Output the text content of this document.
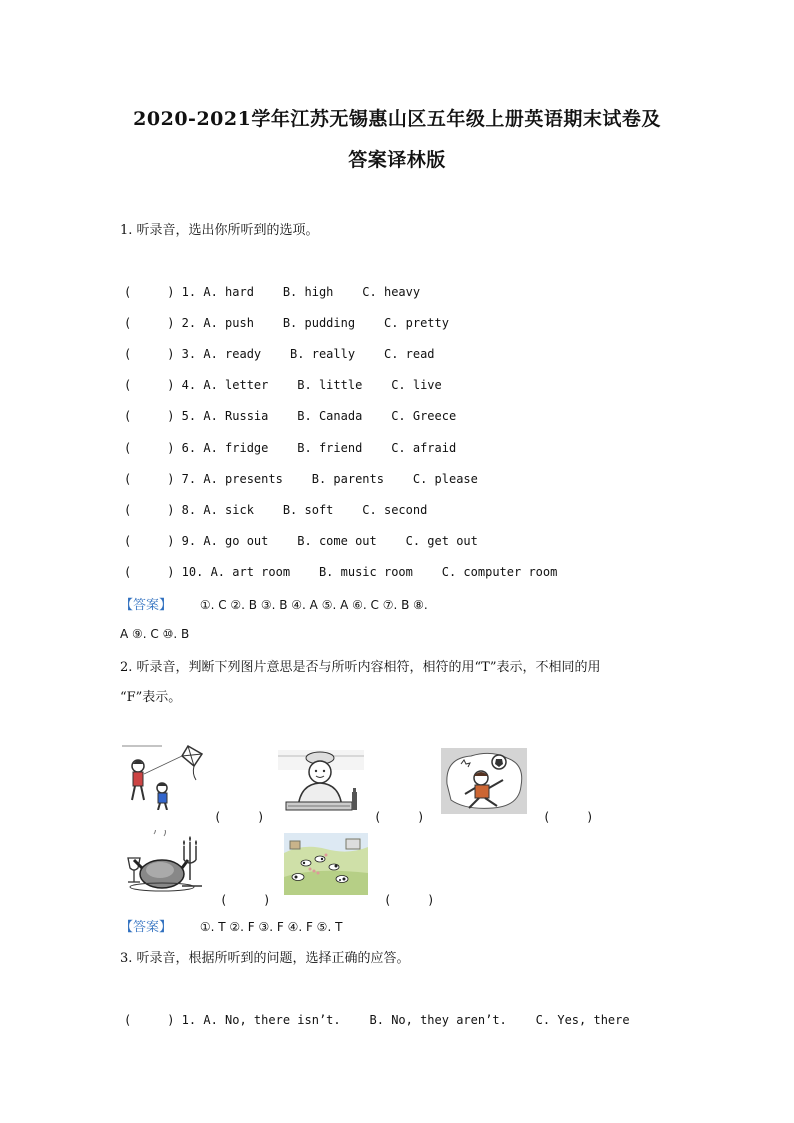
2020-2021学年江苏无锡惠山区五年级上册英语期末试卷及
答案译林版
1. 听录音，选出你所听到的选项。
(　　　) 1. A. hard    B. high    C. heavy
(　　　) 2. A. push    B. pudding    C. pretty
(　　　) 3. A. ready    B. really    C. read
(　　　) 4. A. letter    B. little    C. live
(　　　) 5. A. Russia    B. Canada    C. Greece
(　　　) 6. A. fridge    B. friend    C. afraid
(　　　) 7. A. presents    B. parents    C. please
(　　　) 8. A. sick    B. soft    C. second
(　　　) 9. A. go out    B. come out    C. get out
(　　　) 10. A. art room    B. music room    C. computer room
【答案】 ①. C ②. B ③. B ④. A ⑤. A ⑥. C ⑦. B ⑧.
A ⑨. C ⑩. B
2. 听录音，判断下列图片意思是否与所听内容相符，相符的用“T”表示，不相同的用
“F”表示。
(　　　)	(　　　)	(　　　)
(　　　)	(　　　)
【答案】 ①. T ②. F ③. F ④. F ⑤. T
3. 听录音，根据所听到的问题，选择正确的应答。
(　　　) 1. A. No, there isn’t.    B. No, they aren’t.    C. Yes, there
